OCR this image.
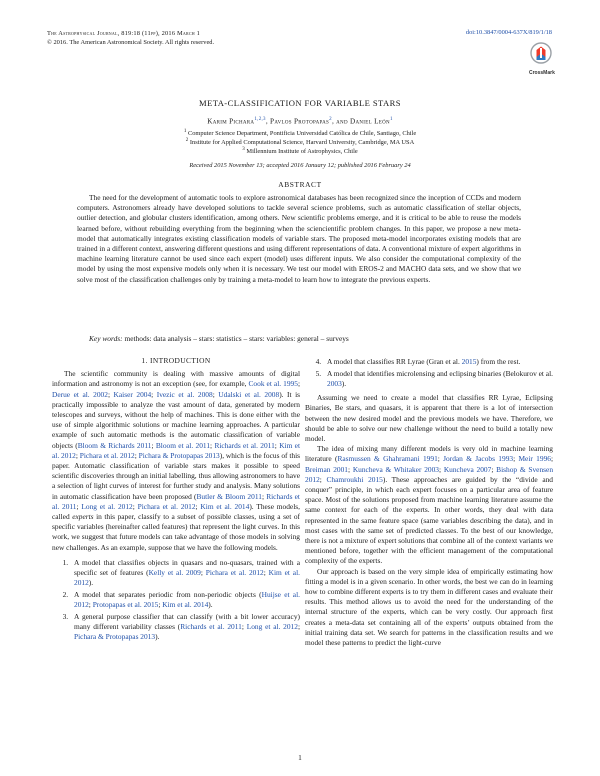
The Astrophysical Journal, 819:18 (11pp), 2016 March 1
© 2016. The American Astronomical Society. All rights reserved.
doi:10.3847/0004-637X/819/1/18
CrossMark
META-CLASSIFICATION FOR VARIABLE STARS
Karim Pichara$^{1,2,3}$, Pavlos Protopapas$^2$, and Daniel León$^1$
$^1$ Computer Science Department, Pontificia Universidad Católica de Chile, Santiago, Chile
$^2$ Institute for Applied Computational Science, Harvard University, Cambridge, MA USA
$^3$ Millennium Institute of Astrophysics, Chile
Received 2015 November 13; accepted 2016 January 12; published 2016 February 24
ABSTRACT
The need for the development of automatic tools to explore astronomical databases has been recognized since the inception of CCDs and modern computers. Astronomers already have developed solutions to tackle several science problems, such as automatic classification of stellar objects, outlier detection, and globular clusters identification, among others. New scientific problems emerge, and it is critical to be able to reuse the models learned before, without rebuilding everything from the beginning when the sciencientific problem changes. In this paper, we propose a new meta-model that automatically integrates existing classification models of variable stars. The proposed meta-model incorporates existing models that are trained in a different context, answering different questions and using different representations of data. A conventional mixture of expert algorithms in machine learning literature cannot be used since each expert (model) uses different inputs. We also consider the computational complexity of the model by using the most expensive models only when it is necessary. We test our model with EROS-2 and MACHO data sets, and we show that we solve most of the classification challenges only by training a meta-model to learn how to integrate the previous experts.
Key words: methods: data analysis – stars: statistics – stars: variables: general – surveys
1. INTRODUCTION

The scientific community is dealing with massive amounts of digital information and astronomy is not an exception (see, for example, Cook et al. 1995; Derue et al. 2002; Kaiser 2004; Ivezic et al. 2008; Udalski et al. 2008). It is practically impossible to analyze the vast amount of data, generated by modern telescopes and surveys, without the help of machines. This is done either with the use of simple algorithmic solutions or machine learning approaches. A particular example of such automatic methods is the automatic classification of variable objects (Bloom & Richards 2011; Bloom et al. 2011; Richards et al. 2011; Kim et al. 2012; Pichara et al. 2012; Pichara & Protopapas 2013), which is the focus of this paper. Automatic classification of variable stars makes it possible to speed scientific discoveries through an initial labelling, thus allowing astronomers to have a selection of light curves of interest for further study and analysis. Many solutions in automatic classification have been proposed (Butler & Bloom 2011; Richards et al. 2011; Long et al. 2012; Pichara et al. 2012; Kim et al. 2014). These models, called experts in this paper, classify to a subset of possible classes, using a set of specific variables (hereinafter called features) that represent the light curves. In this work, we suggest that future models can take advantage of those models in solving new challenges. As an example, suppose that we have the following models.

1. A model that classifies objects in quasars and no-quasars, trained with a specific set of features (Kelly et al. 2009; Pichara et al. 2012; Kim et al. 2012).
2. A model that separates periodic from non-periodic objects (Huijse et al. 2012; Protopapas et al. 2015; Kim et al. 2014).
3. A general purpose classifier that can classify (with a bit lower accuracy) many different variability classes (Richards et al. 2011; Long et al. 2012; Pichara & Protopapas 2013).
4. A model that classifies RR Lyrae (Gran et al. 2015) from the rest.
5. A model that identifies microlensing and eclipsing binaries (Belokurov et al. 2003).

Assuming we need to create a model that classifies RR Lyrae, Eclipsing Binaries, Be stars, and quasars, it is apparent that there is a lot of intersection between the new desired model and the previous models we have. Therefore, we should be able to solve our new challenge without the need to build a totally new model.

The idea of mixing many different models is very old in machine learning literature (Rasmussen & Ghahramani 1991; Jordan & Jacobs 1993; Meir 1996; Breiman 2001; Kuncheva & Whitaker 2003; Kuncheva 2007; Bishop & Svensen 2012; Chamroukhi 2015). These approaches are guided by the “divide and conquer” principle, in which each expert focuses on a particular area of feature space. Most of the solutions proposed from machine learning literature assume the same context for each of the experts. In other words, they deal with data represented in the same feature space (same variables describing the data), and in most cases with the same set of predicted classes. To the best of our knowledge, there is not a mixture of expert solutions that combine all of the context variants we mentioned before, together with the efficient management of the computational complexity of the experts.

Our approach is based on the very simple idea of empirically estimating how fitting a model is in a given scenario. In other words, the best we can do in learning how to combine different experts is to try them in different cases and evaluate their results. This method allows us to avoid the need for the understanding of the internal structure of the experts, which can be very costly. Our approach first creates a meta-data set containing all of the experts’ outputs obtained from the initial training data set. We search for patterns in the classification results and we model these patterns to predict the light-curve

1
